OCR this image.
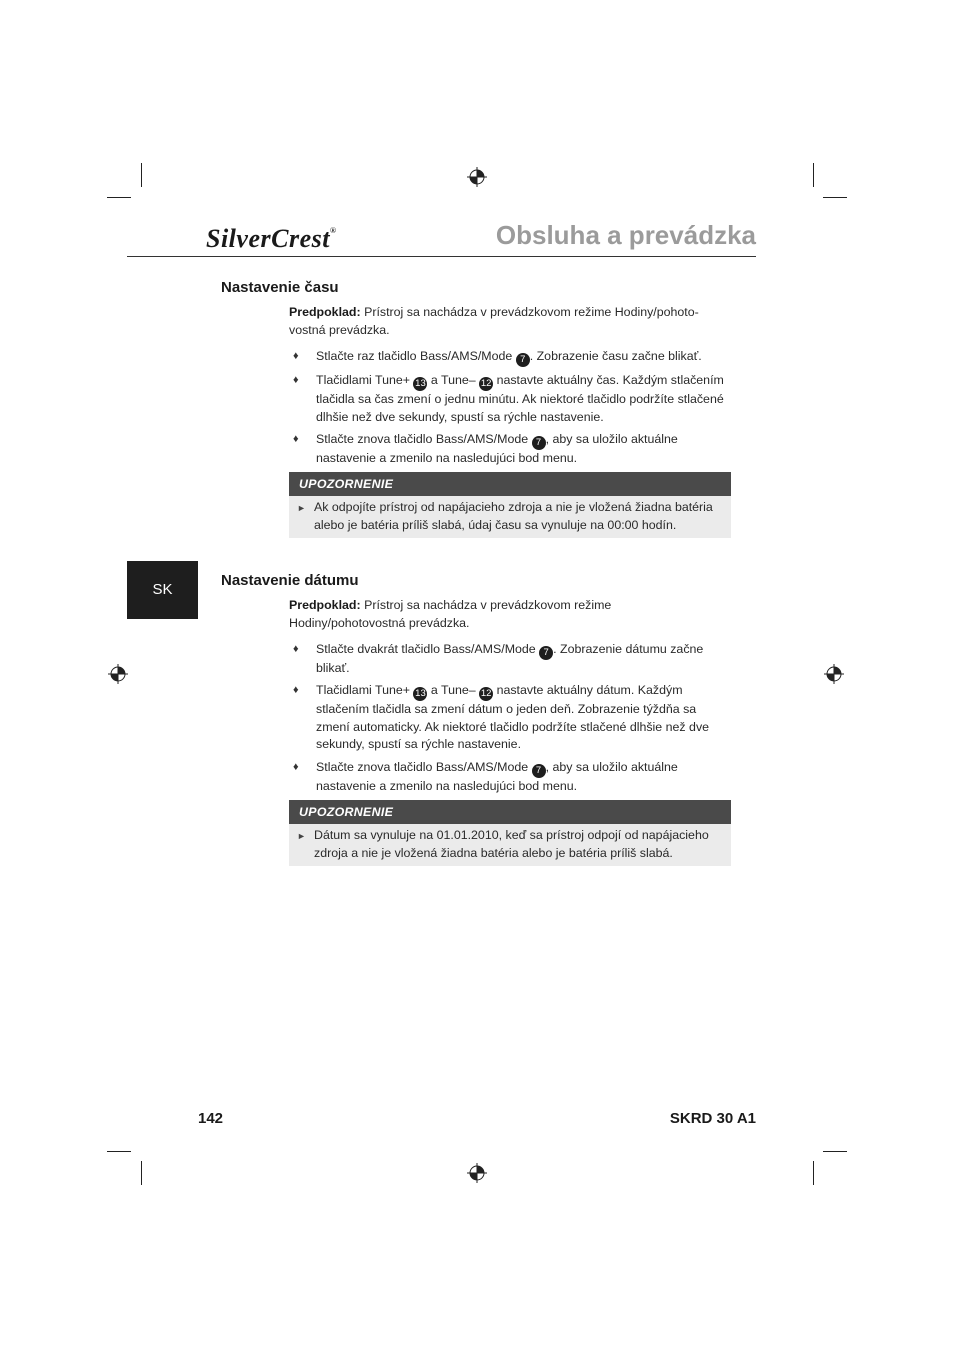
SilverCrest®	Obsluha a prevádzka
SK
Nastavenie času
Predpoklad: Prístroj sa nachádza v prevádzkovom režime Hodiny/pohoto-vostná prevádzka.
♦ Stlačte raz tlačidlo Bass/AMS/Mode 7 . Zobrazenie času začne blikať.
♦ Tlačidlami Tune+ 13 a Tune– 12 nastavte aktuálny čas. Každým stlačením tlačidla sa čas zmení o jednu minútu. Ak niektoré tlačidlo podržíte stlačené dlhšie než dve sekundy, spustí sa rýchle nastavenie.
♦ Stlačte znova tlačidlo Bass/AMS/Mode 7 , aby sa uložilo aktuálne nastavenie a zmenilo na nasledujúci bod menu.
UPOZORNENIE
► Ak odpojíte prístroj od napájacieho zdroja a nie je vložená žiadna batéria alebo je batéria príliš slabá, údaj času sa vynuluje na 00:00 hodín.
Nastavenie dátumu
Predpoklad: Prístroj sa nachádza v prevádzkovom režime Hodiny/pohotovostná prevádzka.
♦ Stlačte dvakrát tlačidlo Bass/AMS/Mode 7 . Zobrazenie dátumu začne blikať.
♦ Tlačidlami Tune+ 13 a Tune– 12 nastavte aktuálny dátum. Každým stlačením tlačidla sa zmení dátum o jeden deň. Zobrazenie týždňa sa zmení automaticky. Ak niektoré tlačidlo podržíte stlačené dlhšie než dve sekundy, spustí sa rýchle nastavenie.
♦ Stlačte znova tlačidlo Bass/AMS/Mode 7 , aby sa uložilo aktuálne nastavenie a zmenilo na nasledujúci bod menu.
UPOZORNENIE
► Dátum sa vynuluje na 01.01.2010, keď sa prístroj odpojí od napájacieho zdroja a nie je vložená žiadna batéria alebo je batéria príliš slabá.
142	SKRD 30 A1
